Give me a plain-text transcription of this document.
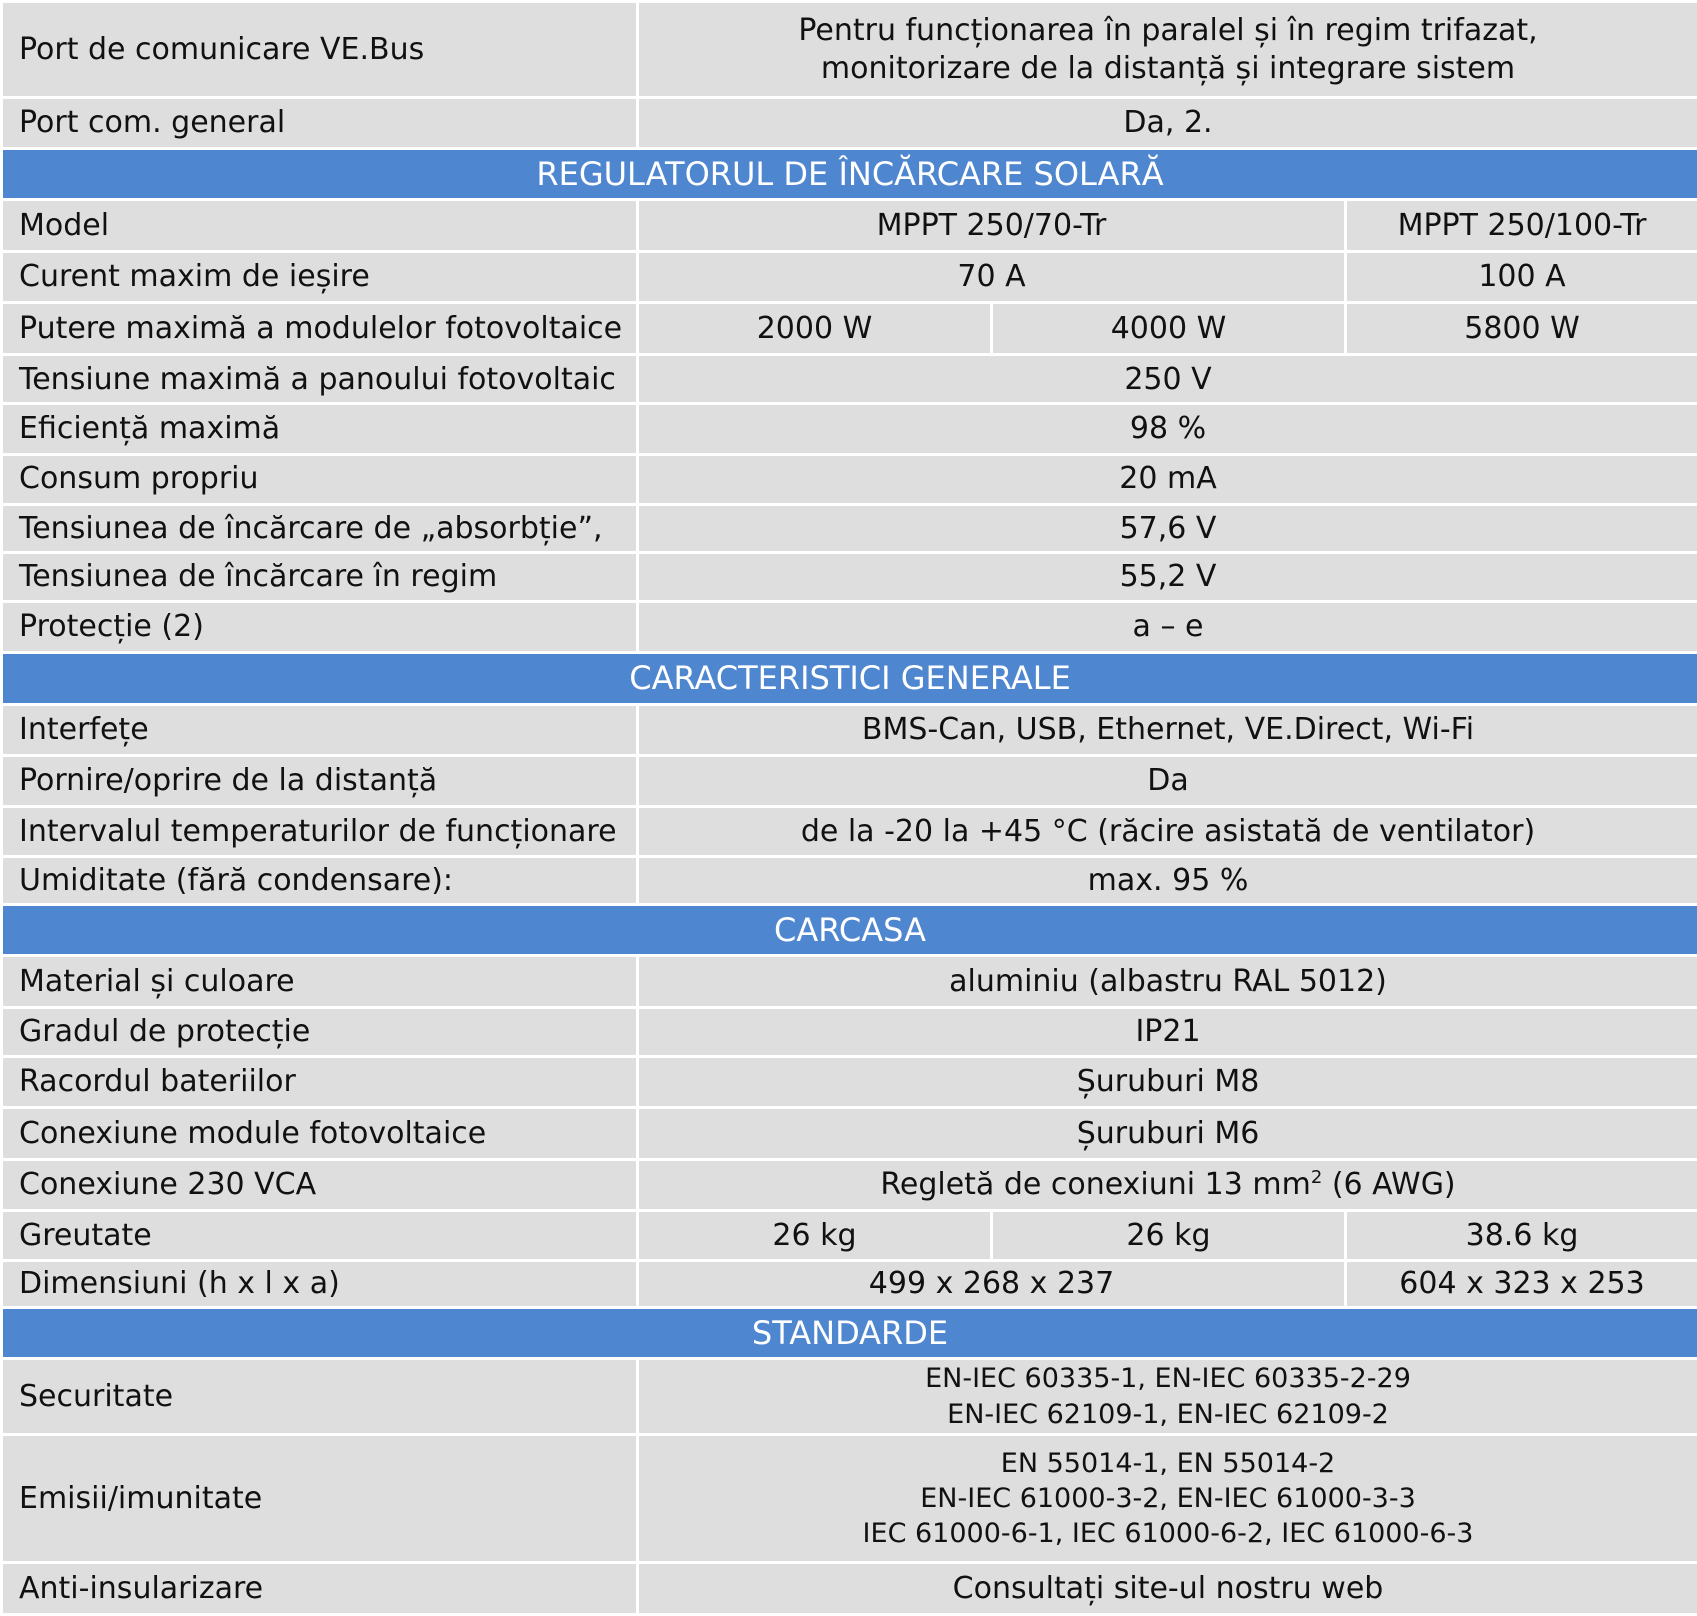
Port de comunicare VE.Bus	Pentru funcționarea în paralel și în regim trifazat,
monitorizare de la distanță și integrare sistem		

Port com. general	Da, 2.		
REGULATORUL DE ÎNCĂRCARE SOLARĂ			
Model	MPPT 250/70-Tr		MPPT 250/100-Tr
Curent maxim de ieșire	70 A		100 A
Putere maximă a modulelor fotovoltaice	2000 W	4000 W	5800 W
Tensiune maximă a panoului fotovoltaic	250 V		
Eficiență maximă	98 %		
Consum propriu	20 mA		
Tensiunea de încărcare de „absorbție”,	57,6 V		
Tensiunea de încărcare în regim	55,2 V		
Protecție (2)	a – e		
CARACTERISTICI GENERALE			
Interfețe	BMS-Can, USB, Ethernet, VE.Direct, Wi-Fi		
Pornire/oprire de la distanță	Da		
Intervalul temperaturilor de funcționare	de la -20 la +45 °C (răcire asistată de ventilator)		
Umiditate (fără condensare):	max. 95 %		
CARCASA			
Material și culoare	aluminiu (albastru RAL 5012)		
Gradul de protecție	IP21		
Racordul bateriilor	Șuruburi M8		
Conexiune module fotovoltaice	Șuruburi M6		
Conexiune 230 VCA	Regletă de conexiuni 13 $mm^2$ (6 AWG)		
Greutate	26 kg	26 kg	38.6 kg
Dimensiuni (h x l x a)	499 x 268 x 237		604 x 323 x 253
STANDARDE			
Securitate	EN-IEC 60335-1, EN-IEC 60335-2-29
EN-IEC 62109-1, EN-IEC 62109-2		

Emisii/imunitate	EN 55014-1, EN 55014-2
EN-IEC 61000-3-2, EN-IEC 61000-3-3
IEC 61000-6-1, IEC 61000-6-2, IEC 61000-6-3		

Anti-insularizare	Consultați site-ul nostru web		
